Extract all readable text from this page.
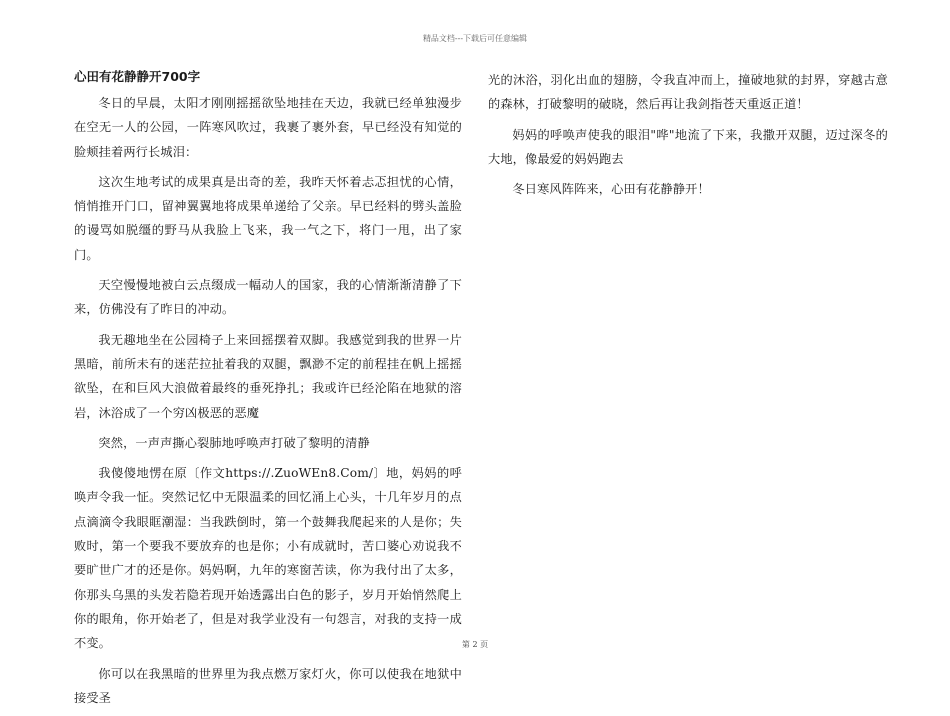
精品文档---下载后可任意编辑
心田有花静静开700字

冬日的早晨，太阳才刚刚摇摇欲坠地挂在天边，我就已经单独漫步在空无一人的公园，一阵寒风吹过，我裹了裹外套，早已经没有知觉的脸颊挂着两行长城泪：

这次生地考试的成果真是出奇的差，我昨天怀着忐忑担忧的心情，悄悄推开门口，留神翼翼地将成果单递给了父亲。早已经料的劈头盖脸的谩骂如脱缰的野马从我脸上飞来，我一气之下，将门一甩，出了家门。

天空慢慢地被白云点缀成一幅动人的国家，我的心情渐渐清静了下来，仿佛没有了昨日的冲动。

我无趣地坐在公园椅子上来回摇摆着双脚。我感觉到我的世界一片黑暗，前所未有的迷茫拉扯着我的双腿，飘渺不定的前程挂在帆上摇摇欲坠，在和巨风大浪做着最终的垂死挣扎；我或许已经沦陷在地狱的溶岩，沐浴成了一个穷凶极恶的恶魔

突然，一声声撕心裂肺地呼唤声打破了黎明的清静

我傻傻地愣在原〔作文https://.ZuoWEn8.Com/〕地，妈妈的呼唤声令我一怔。突然记忆中无限温柔的回忆涌上心头，十几年岁月的点点滴滴令我眼眶潮湿：当我跌倒时，第一个鼓舞我爬起来的人是你；失败时，第一个要我不要放弃的也是你；小有成就时，苦口婆心劝说我不要旷世广才的还是你。妈妈啊，九年的寒窗苦读，你为我付出了太多，你那头乌黑的头发若隐若现开始透露出白色的影子，岁月开始悄然爬上你的眼角，你开始老了，但是对我学业没有一句怨言，对我的支持一成不变。

你可以在我黑暗的世界里为我点燃万家灯火，你可以使我在地狱中接受圣

光的沐浴，羽化出血的翅膀，令我直冲而上，撞破地狱的封界，穿越古意的森林，打破黎明的破晓，然后再让我剑指苍天重返正道！

妈妈的呼唤声使我的眼泪"哗"地流了下来，我撒开双腿，迈过深冬的大地，像最爱的妈妈跑去

冬日寒风阵阵来，心田有花静静开！

第 2 页
